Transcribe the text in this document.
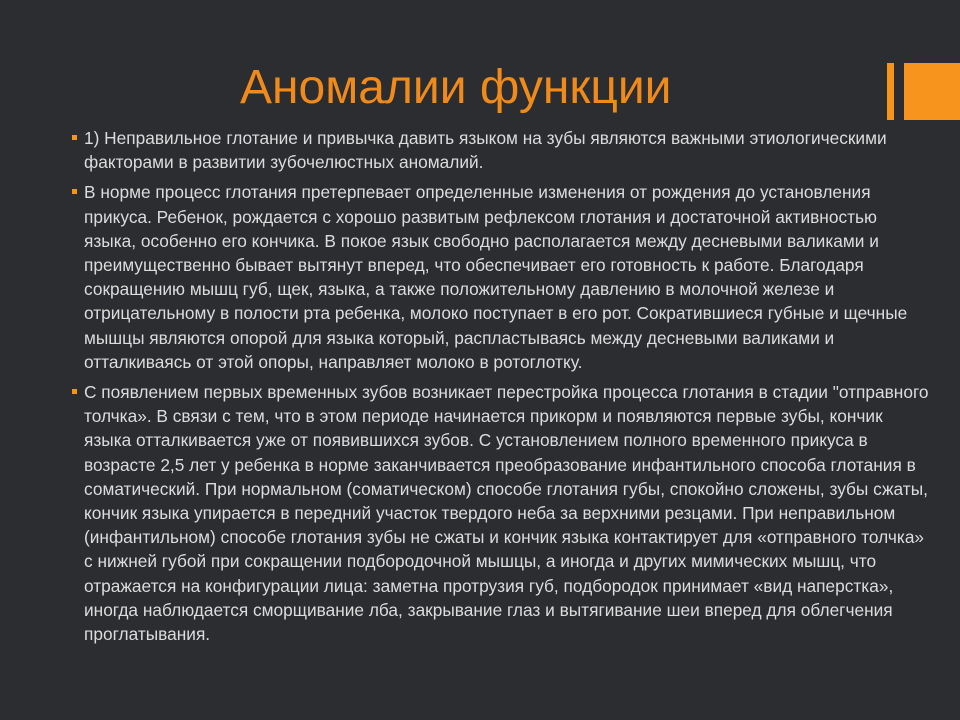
Аномалии функции
1) Неправильное глотание и привычка давить языком на зубы являются важными этиологическими факторами в развитии зубочелюстных аномалий.
В норме процесс глотания претерпевает определенные изменения от рождения до установления прикуса. Ребенок, рождается с хорошо развитым рефлексом глотания и достаточной активностью языка, особенно его кончика. В покое язык свободно располагается между десневыми валиками и преимущественно бывает вытянут вперед, что обеспечивает его готовность к работе. Благодаря сокращению мышц губ, щек, языка, а также положительному давлению в молочной железе и отрицательному в полости рта ребенка, молоко поступает в его рот. Сократившиеся губные и щечные мышцы являются опорой для языка который, распластываясь между десневыми валиками и отталкиваясь от этой опоры, направляет молоко в ротоглотку.
С появлением первых временных зубов возникает перестройка процесса глотания в стадии "отправного толчка». В связи с тем, что в этом периоде начинается прикорм и появляются первые зубы, кончик языка отталкивается уже от появившихся зубов. С установлением полного временного прикуса в возрасте 2,5 лет у ребенка в норме заканчивается преобразование инфантильного способа глотания в соматический. При нормальном (соматическом) способе глотания губы, спокойно сложены, зубы сжаты, кончик языка упирается в передний участок твердого неба за верхними резцами. При неправильном (инфантильном) способе глотания зубы не сжаты и кончик языка контактирует для «отправного толчка» с нижней губой при сокращении подбородочной мышцы, а иногда и других мимических мышц, что отражается на конфигурации лица: заметна протрузия губ, подбородок принимает «вид наперстка», иногда наблюдается сморщивание лба, закрывание глаз и вытягивание шеи вперед для облегчения проглатывания.
